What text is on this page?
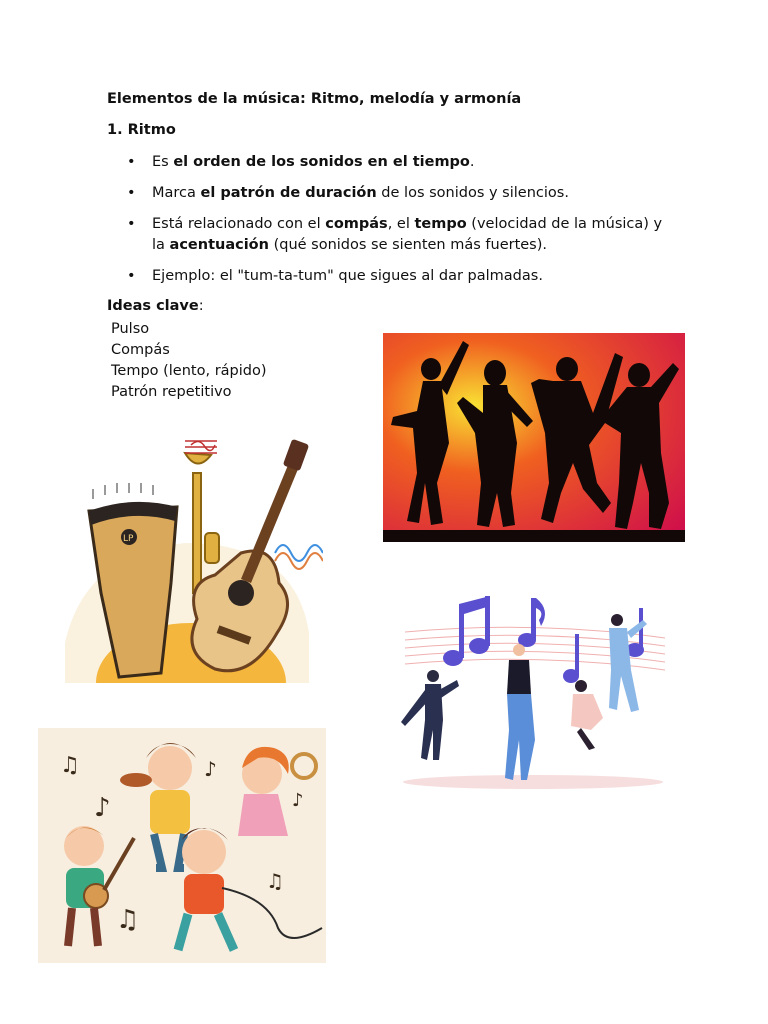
Elementos de la música: Ritmo, melodía y armonía
1. Ritmo
• Es el orden de los sonidos en el tiempo.
• Marca el patrón de duración de los sonidos y silencios.
• Está relacionado con el compás, el tempo (velocidad de la música) y la acentuación (qué sonidos se sienten más fuertes).
• Ejemplo: el "tum-ta-tum" que sigues al dar palmadas.
Ideas clave:
Pulso
Compás
Tempo (lento, rápido)
Patrón repetitivo
LP
♫
♪
♪
♫
♫
♪
